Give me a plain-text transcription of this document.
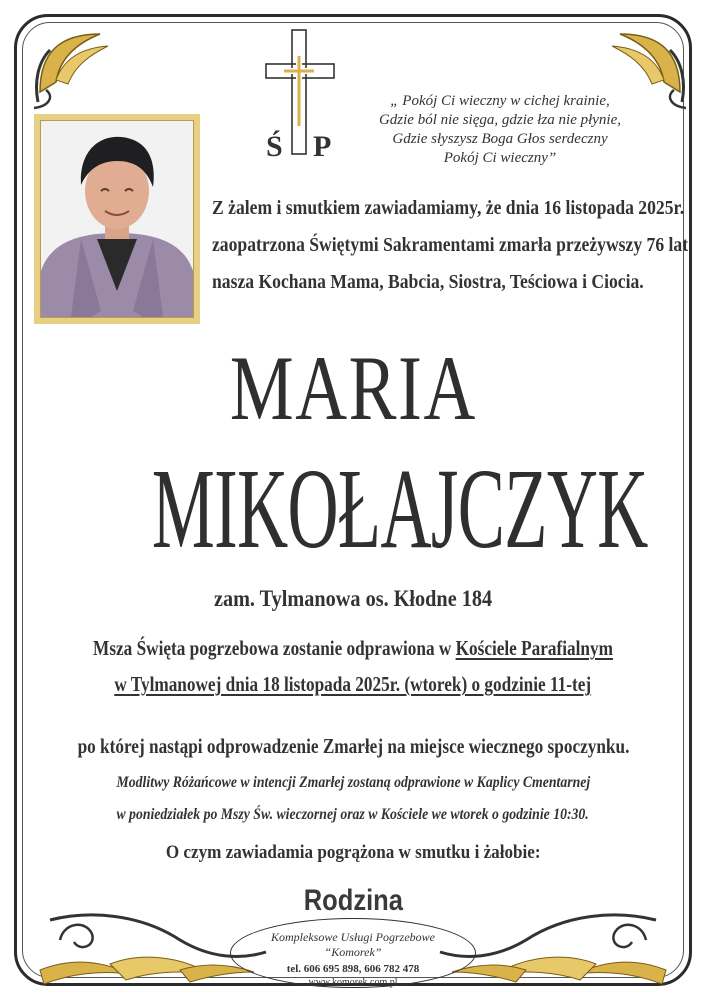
Ś P
„ Pokój Ci wieczny w cichej krainie,
Gdzie ból nie sięga, gdzie łza nie płynie,
Gdzie słyszysz Boga Głos serdeczny
Pokój Ci wieczny”
Z żalem i smutkiem zawiadamiamy, że dnia 16 listopada 2025r.
zaopatrzona Świętymi Sakramentami zmarła przeżywszy 76 lat
nasza Kochana Mama, Babcia, Siostra, Teściowa i Ciocia.
MARIA
MIKOŁAJCZYK
zam. Tylmanowa os. Kłodne 184
Msza Święta pogrzebowa zostanie odprawiona w Kościele Parafialnym
w Tylmanowej dnia 18 listopada 2025r. (wtorek) o godzinie 11-tej
po której nastąpi odprowadzenie Zmarłej na miejsce wiecznego spoczynku.
Modlitwy Różańcowe w intencji Zmarłej zostaną odprawione w Kaplicy Cmentarnej
w poniedziałek po Mszy Św. wieczornej oraz w Kościele we wtorek o godzinie 10:30.
O czym zawiadamia pogrążona w smutku i żałobie:
Rodzina
Kompleksowe Usługi Pogrzebowe
“Komorek”
tel. 606 695 898, 606 782 478
www.komorek.com.pl
